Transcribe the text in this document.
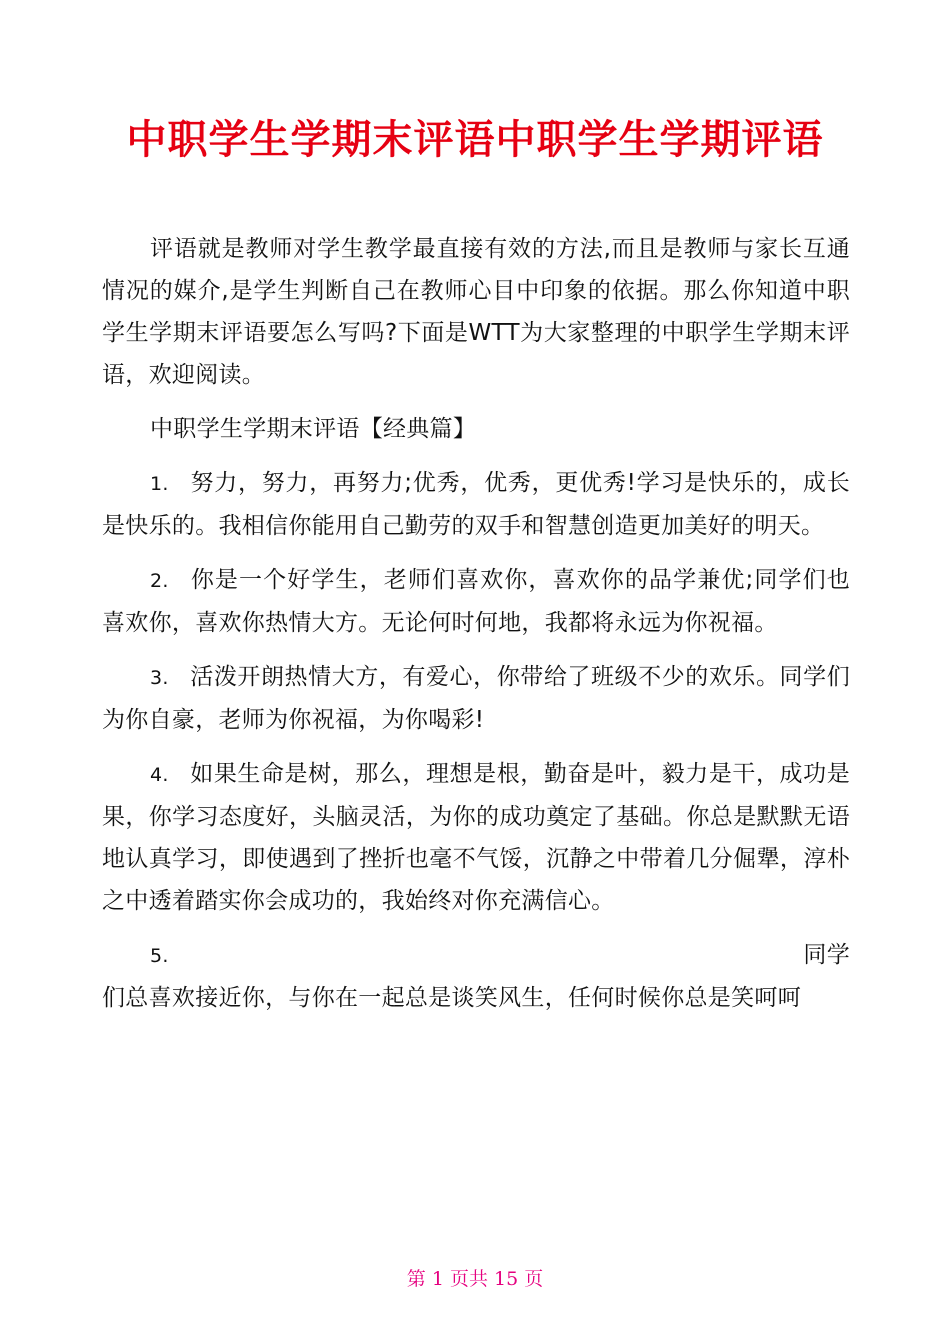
中职学生学期末评语中职学生学期评语

评语就是教师对学生教学最直接有效的方法,而且是教师与家长互通情况的媒介,是学生判断自己在教师心目中印象的依据。那么你知道中职学生学期末评语要怎么写吗?下面是WTT为大家整理的中职学生学期末评语，欢迎阅读。

中职学生学期末评语【经典篇】

1. 努力，努力，再努力;优秀，优秀，更优秀!学习是快乐的，成长是快乐的。我相信你能用自己勤劳的双手和智慧创造更加美好的明天。
2. 你是一个好学生，老师们喜欢你，喜欢你的品学兼优;同学们也喜欢你，喜欢你热情大方。无论何时何地，我都将永远为你祝福。
3. 活泼开朗热情大方，有爱心，你带给了班级不少的欢乐。同学们为你自豪，老师为你祝福，为你喝彩!
4. 如果生命是树，那么，理想是根，勤奋是叶，毅力是干，成功是果，你学习态度好，头脑灵活，为你的成功奠定了基础。你总是默默无语地认真学习，即使遇到了挫折也毫不气馁，沉静之中带着几分倔犟，淳朴之中透着踏实你会成功的，我始终对你充满信心。
5.	同学
们总喜欢接近你，与你在一起总是谈笑风生，任何时候你总是笑呵呵
第 1 页共 15 页
